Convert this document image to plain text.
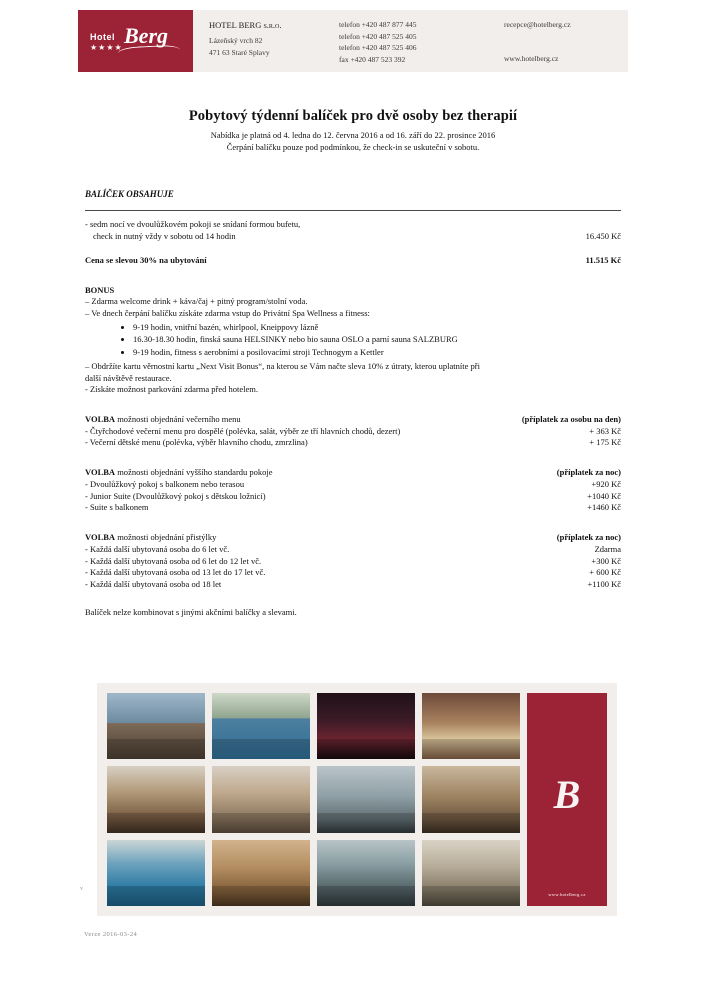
Hotel Berg
★★★★
HOTEL BERG s.r.o.
Lázeňský vrch 82
471 63 Staré Splavy
telefon +420 487 877 445
telefon +420 487 525 405
telefon +420 487 525 406
fax +420 487 523 392
recepce@hotelberg.cz
www.hotelberg.cz
Pobytový týdenní balíček pro dvě osoby bez therapií

Nabídka je platná od 4. ledna do 12. června 2016 a od 16. září do 22. prosince 2016

Čerpání balíčku pouze pod podmínkou, že check-in se uskuteční v sobotu.

BALÍČEK OBSAHUJE
- sedm nocí ve dvoulůžkovém pokoji se snídaní formou bufetu,
check in nutný vždy v sobotu od 14 hodin	16.450 Kč
Cena se slevou 30% na ubytování	11.515 Kč
BONUS
– Zdarma welcome drink + káva/čaj + pitný program/stolní voda.
– Ve dnech čerpání balíčku získáte zdarma vstup do Privátní Spa Wellness a fitness:
• 9-19 hodin, vnitřní bazén, whirlpool, Kneippovy lázně
• 16.30-18.30 hodin, finská sauna HELSINKY nebo bio sauna OSLO a parní sauna SALZBURG
• 9-19 hodin, fitness s aerobními a posilovacími stroji Technogym a Kettler
– Obdržíte kartu věrnostní kartu „Next Visit Bonus“, na kterou se Vám načte sleva 10% z útraty, kterou uplatníte při
další návštěvě restaurace.
- Získáte možnost parkování zdarma před hotelem.
VOLBA možnosti objednání večerního menu	(příplatek za osobu na den)
- Čtyřchodové večerní menu pro dospělé (polévka, salát, výběr ze tří hlavních chodů, dezert)	+ 363 Kč
- Večerní dětské menu (polévka, výběr hlavního chodu, zmrzlina)	+ 175 Kč
VOLBA možnosti objednání vyššího standardu pokoje	(příplatek za noc)
- Dvoulůžkový pokoj s balkonem nebo terasou	+920 Kč
- Junior Suite (Dvoulůžkový pokoj s dětskou ložnicí)	+1040 Kč
- Suite s balkonem	+1460 Kč
VOLBA možnosti objednání přistýlky	(příplatek za noc)
- Každá další ubytovaná osoba do 6 let vč.	Zdarma
- Každá další ubytovaná osoba od 6 let do 12 let vč.	+300 Kč
- Každá další ubytovaná osoba od 13 let do 17 let vč.	+ 600 Kč
- Každá další ubytovaná osoba od 18 let	+1100 Kč
Balíček nelze kombinovat s jinými akčními balíčky a slevami.
B
www.hotelberg.cz
v
Verze 2016-03-24
